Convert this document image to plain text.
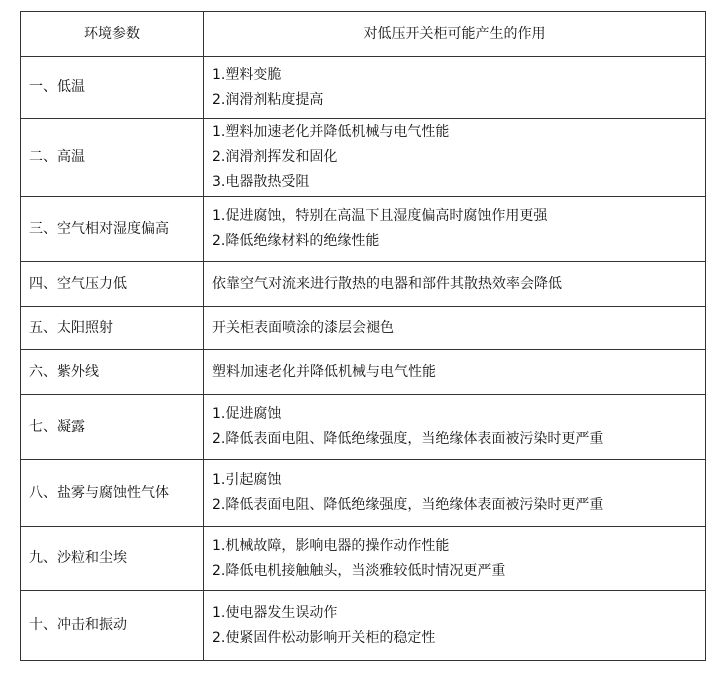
环境参数	对低压开关柜可能产生的作用
一、低温	1.塑料变脆
2.润滑剂粘度提高

二、高温	1.塑料加速老化并降低机械与电气性能
2.润滑剂挥发和固化
3.电器散热受阻

三、空气相对湿度偏高	1.促进腐蚀，特别在高温下且湿度偏高时腐蚀作用更强
2.降低绝缘材料的绝缘性能

四、空气压力低	依靠空气对流来进行散热的电器和部件其散热效率会降低

五、太阳照射	开关柜表面喷涂的漆层会褪色

六、紫外线	塑料加速老化并降低机械与电气性能

七、凝露	1.促进腐蚀
2.降低表面电阻、降低绝缘强度，当绝缘体表面被污染时更严重

八、盐雾与腐蚀性气体	1.引起腐蚀
2.降低表面电阻、降低绝缘强度，当绝缘体表面被污染时更严重

九、沙粒和尘埃	1.机械故障，影响电器的操作动作性能
2.降低电机接触触头，当淡雅较低时情况更严重

十、冲击和振动	1.使电器发生误动作
2.使紧固件松动影响开关柜的稳定性
